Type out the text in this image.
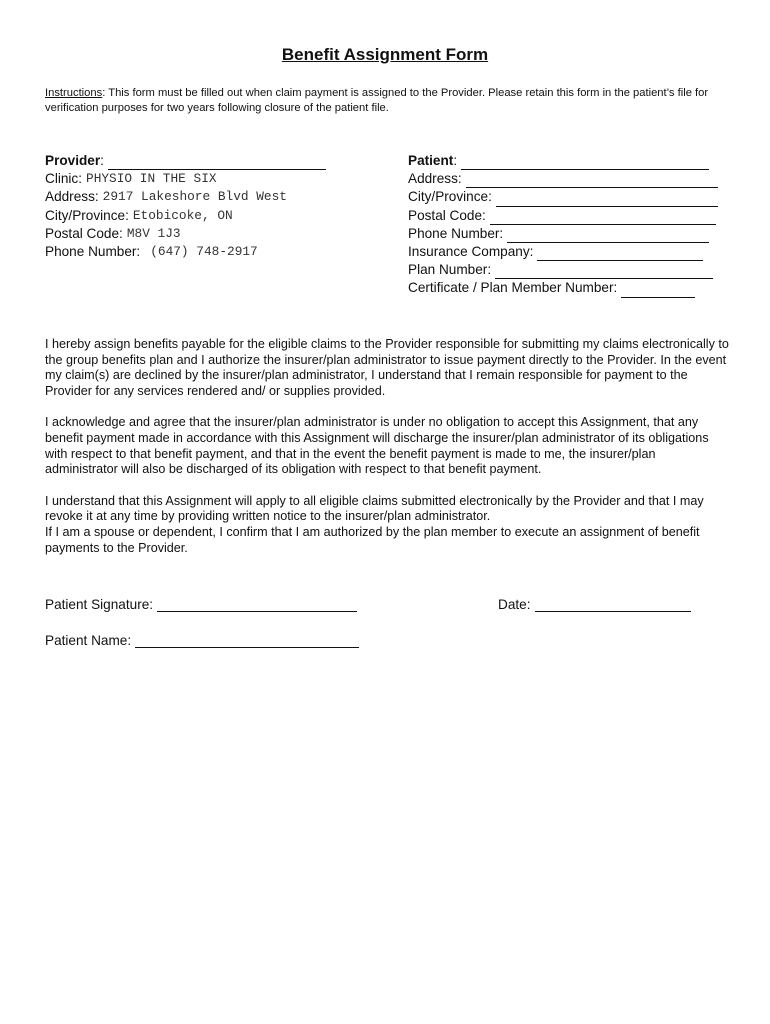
Benefit Assignment Form
Instructions: This form must be filled out when claim payment is assigned to the Provider. Please retain this form in the patient’s file for verification purposes for two years following closure of the patient file.
Provider :
Clinic: PHYSIO IN THE SIX
Address: 2917 Lakeshore Blvd West
City/Province: Etobicoke, ON
Postal Code: M8V 1J3
Phone Number: (647) 748-2917
Patient :
Address:
City/Province:
Postal Code:
Phone Number:
Insurance Company:
Plan Number:
Certificate / Plan Member Number:

I hereby assign benefits payable for the eligible claims to the Provider responsible for submitting my claims electronically to the group benefits plan and I authorize the insurer/plan administrator to issue payment directly to the Provider. In the event my claim(s) are declined by the insurer/plan administrator, I understand that I remain responsible for payment to the Provider for any services rendered and/ or supplies provided.

I acknowledge and agree that the insurer/plan administrator is under no obligation to accept this Assignment, that any benefit payment made in accordance with this Assignment will discharge the insurer/plan administrator of its obligations with respect to that benefit payment, and that in the event the benefit payment is made to me, the insurer/plan administrator will also be discharged of its obligation with respect to that benefit payment.

I understand that this Assignment will apply to all eligible claims submitted electronically by the Provider and that I may revoke it at any time by providing written notice to the insurer/plan administrator.

If I am a spouse or dependent, I confirm that I am authorized by the plan member to execute an assignment of benefit payments to the Provider.

Patient Signature:	Date:
Patient Name:
